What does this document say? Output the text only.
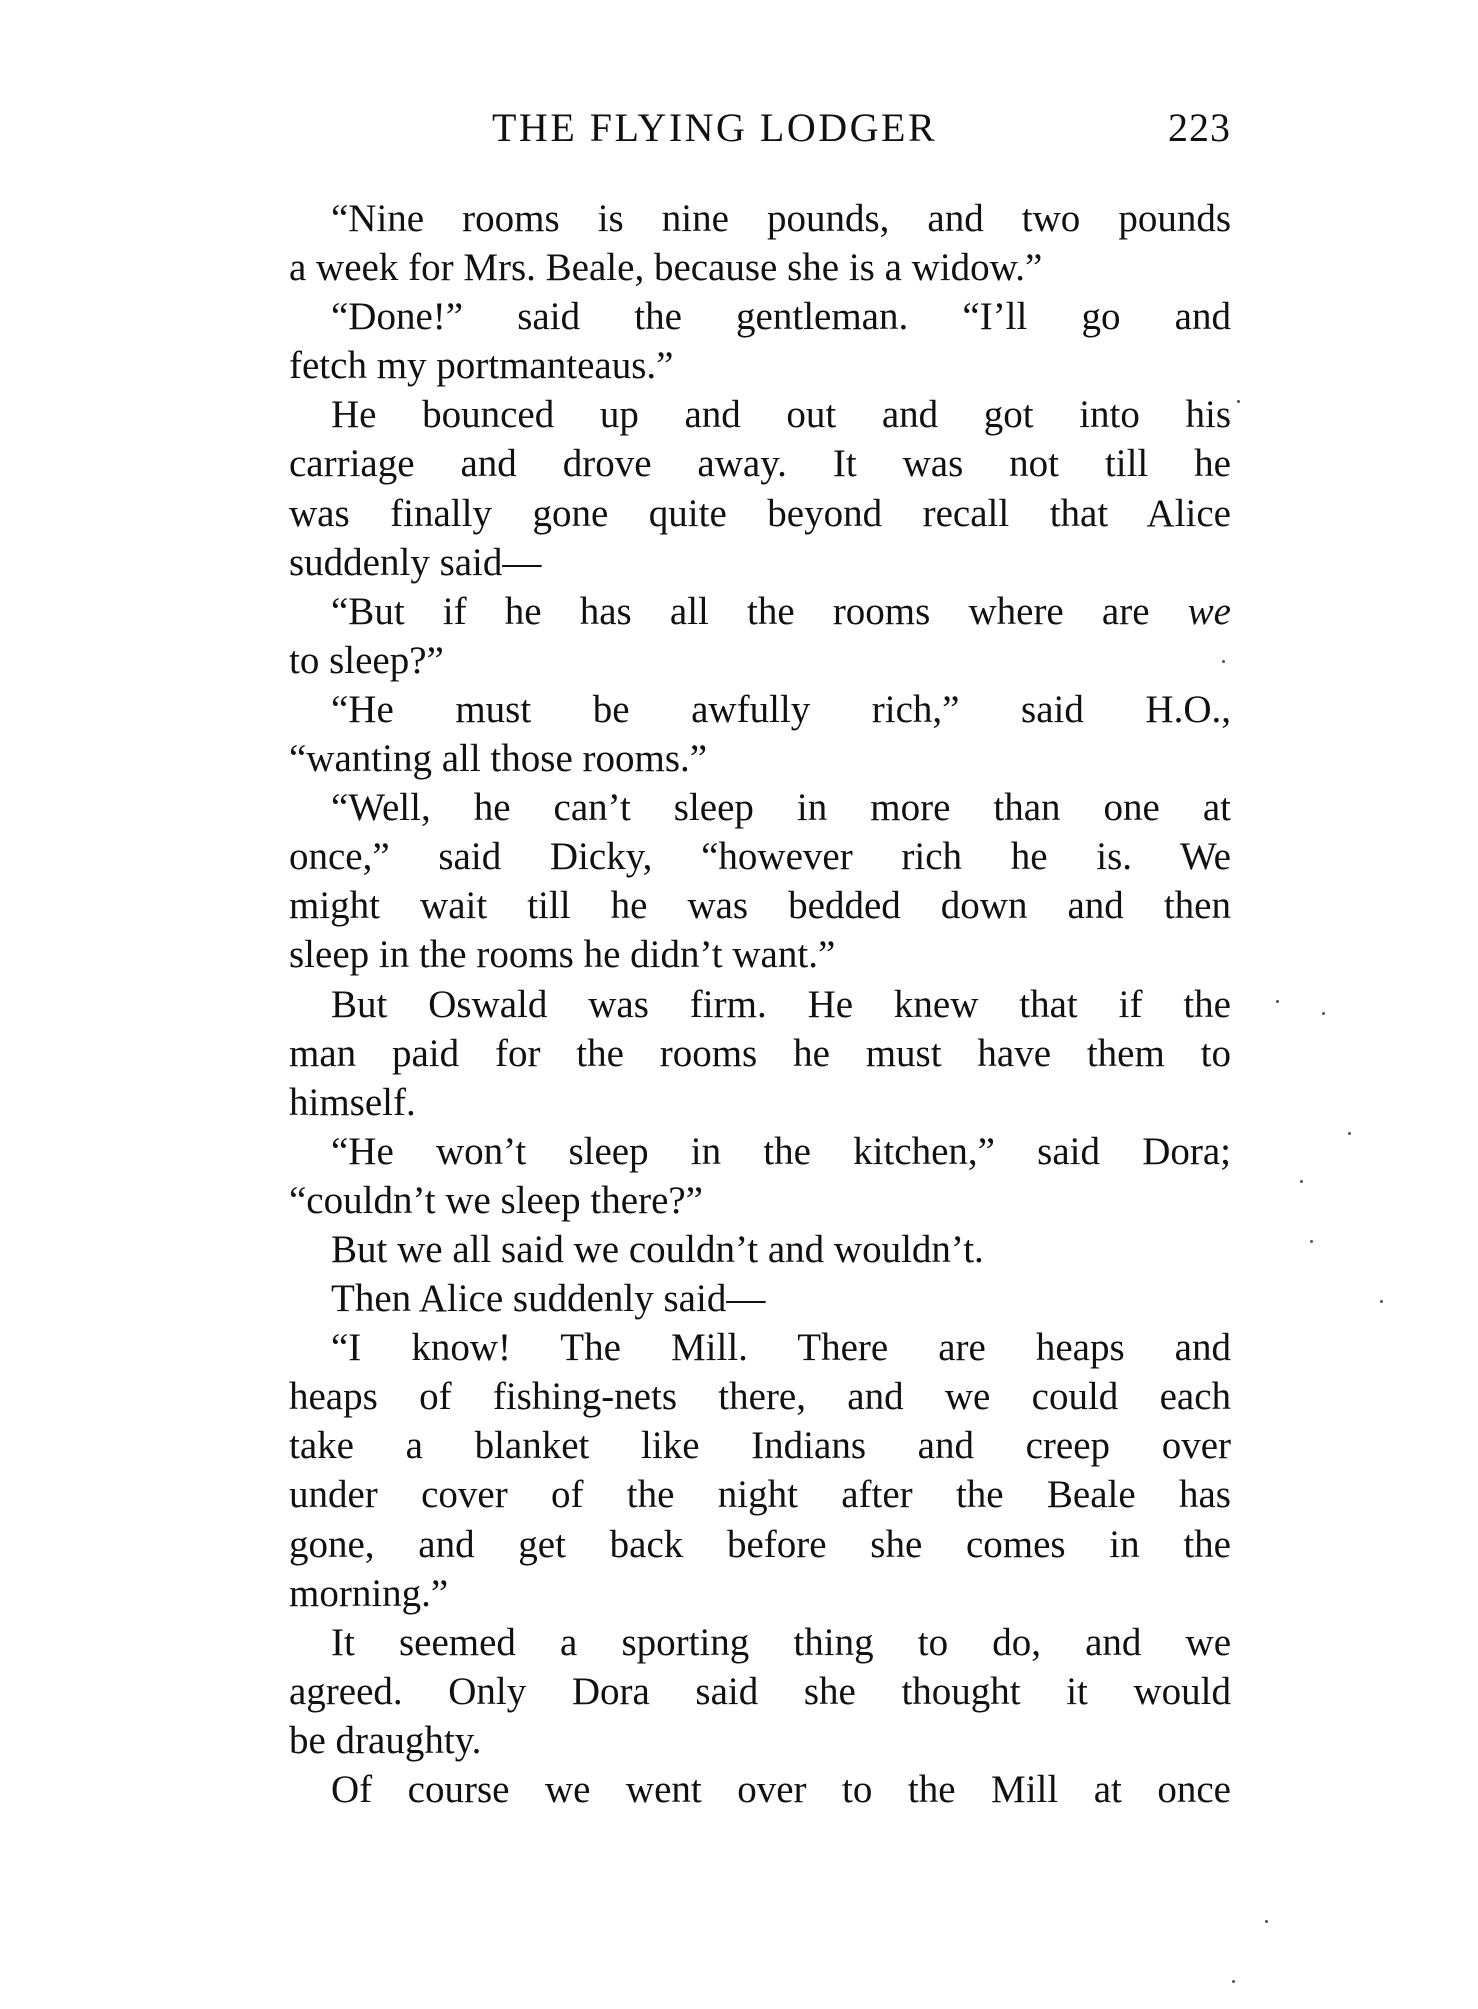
THE FLYING LODGER	223
“Nine rooms is nine pounds, and two pounds
a week for Mrs. Beale, because she is a widow.”
“Done!” said the gentleman. “I’ll go and
fetch my portmanteaus.”
He bounced up and out and got into his
carriage and drove away. It was not till he
was finally gone quite beyond recall that Alice
suddenly said—
“But if he has all the rooms where are we
to sleep?”
“He must be awfully rich,” said H.O.,
“wanting all those rooms.”
“Well, he can’t sleep in more than one at
once,” said Dicky, “however rich he is. We
might wait till he was bedded down and then
sleep in the rooms he didn’t want.”
But Oswald was firm. He knew that if the
man paid for the rooms he must have them to
himself.
“He won’t sleep in the kitchen,” said Dora;
“couldn’t we sleep there?”
But we all said we couldn’t and wouldn’t.
Then Alice suddenly said—
“I know! The Mill. There are heaps and
heaps of fishing-nets there, and we could each
take a blanket like Indians and creep over
under cover of the night after the Beale has
gone, and get back before she comes in the
morning.”
It seemed a sporting thing to do, and we
agreed. Only Dora said she thought it would
be draughty.
Of course we went over to the Mill at once
